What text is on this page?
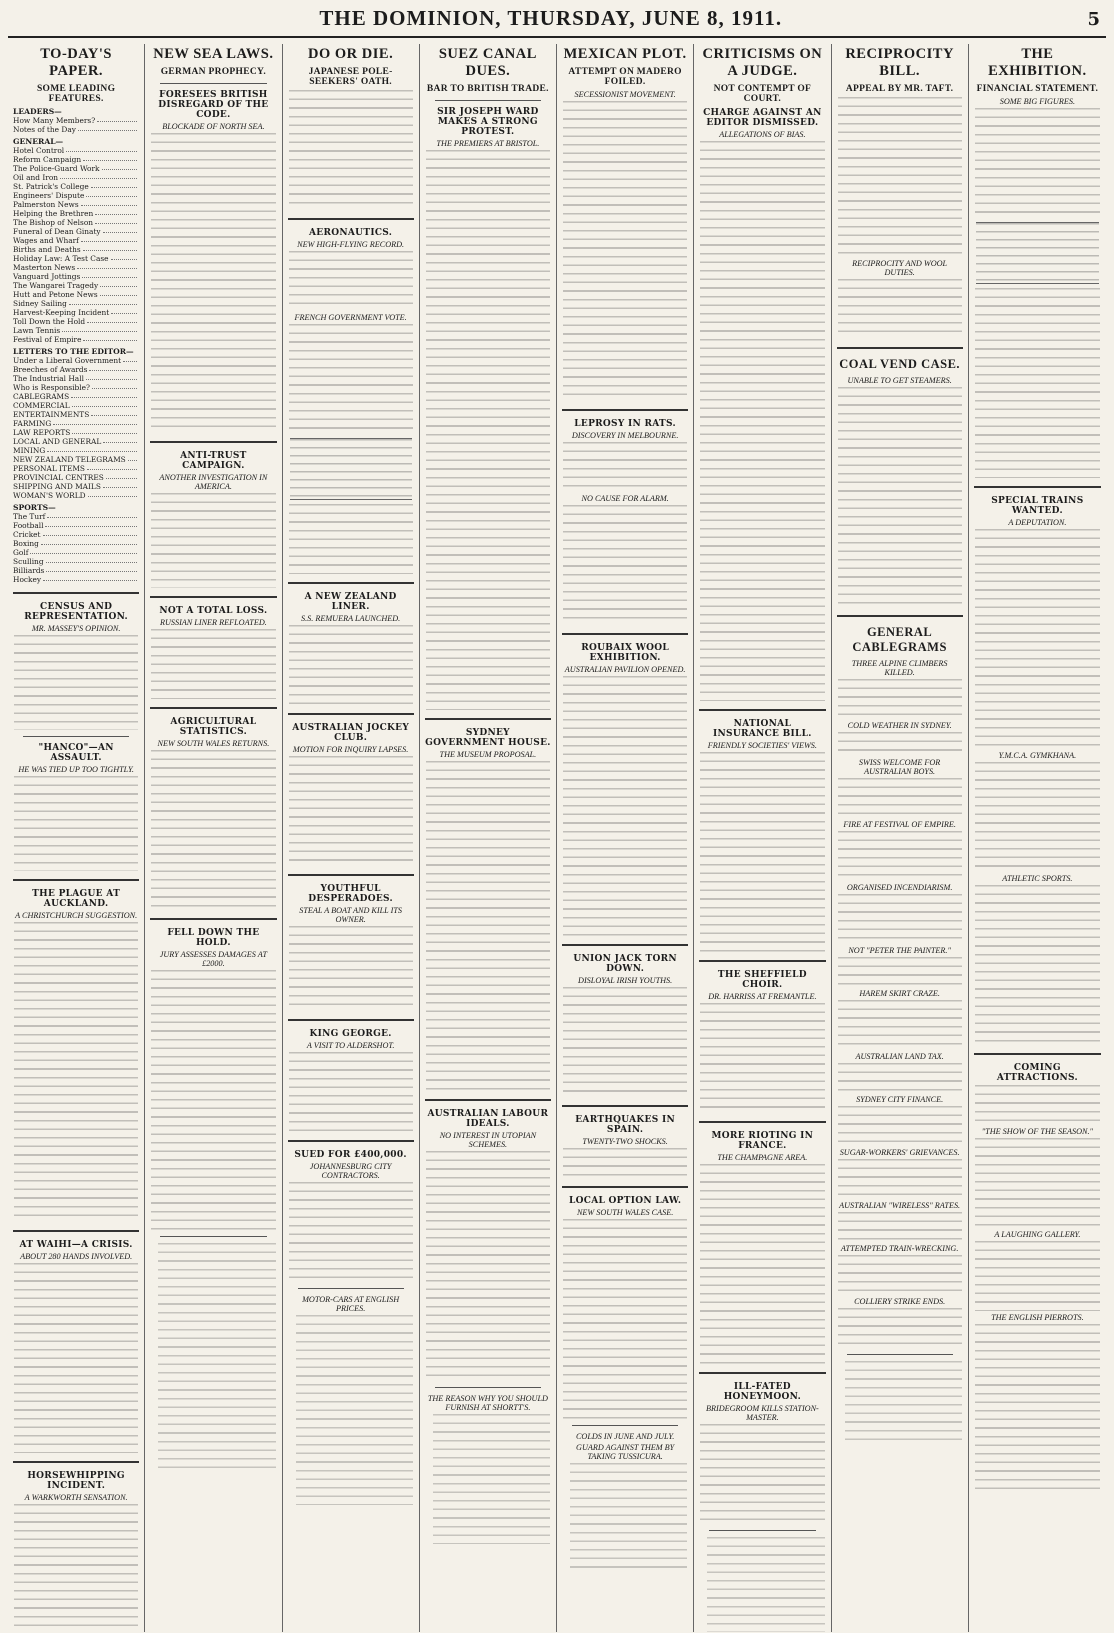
THE DOMINION, THURSDAY, JUNE 8, 1911.	5
TO-DAY'S PAPER.
SOME LEADING FEATURES.
LEADERS—
How Many Members?
Notes of the Day
GENERAL—
Hotel Control
Reform Campaign
The Police-Guard Work
Oil and Iron
St. Patrick's College
Engineers' Dispute
Palmerston News
Helping the Brethren
The Bishop of Nelson
Funeral of Dean Ginaty
Wages and Wharf
Births and Deaths
Holiday Law: A Test Case
Masterton News
Vanguard Jottings
The Wangarei Tragedy
Hutt and Petone News
Sidney Sailing
Harvest-Keeping Incident
Toll Down the Hold
Lawn Tennis
Festival of Empire
LETTERS TO THE EDITOR—
Under a Liberal Government
Breeches of Awards
The Industrial Hall
Who is Responsible?
CABLEGRAMS
COMMERCIAL
ENTERTAINMENTS
FARMING
LAW REPORTS
LOCAL AND GENERAL
MINING
NEW ZEALAND TELEGRAMS
PERSONAL ITEMS
PROVINCIAL CENTRES
SHIPPING AND MAILS
WOMAN'S WORLD
SPORTS—
The Turf
Football
Cricket
Boxing
Golf
Sculling
Billiards
Hockey
CENSUS AND REPRESENTATION.
MR. MASSEY'S OPINION.
"HANCO"—AN ASSAULT.
HE WAS TIED UP TOO TIGHTLY.
THE PLAGUE AT AUCKLAND.
A CHRISTCHURCH SUGGESTION.
AT WAIHI—A CRISIS.
ABOUT 280 HANDS INVOLVED.
HORSEWHIPPING INCIDENT.
A WARKWORTH SENSATION.
NEW SEA LAWS.
GERMAN PROPHECY.
FORESEES BRITISH DISREGARD OF THE CODE.
BLOCKADE OF NORTH SEA.
ANTI-TRUST CAMPAIGN.
ANOTHER INVESTIGATION IN AMERICA.
NOT A TOTAL LOSS.
RUSSIAN LINER REFLOATED.
AGRICULTURAL STATISTICS.
NEW SOUTH WALES RETURNS.
FELL DOWN THE HOLD.
JURY ASSESSES DAMAGES AT £2000.
DO OR DIE.
JAPANESE POLE-SEEKERS' OATH.
AERONAUTICS.
NEW HIGH-FLYING RECORD.
FRENCH GOVERNMENT VOTE.
A NEW ZEALAND LINER.
S.S. REMUERA LAUNCHED.
AUSTRALIAN JOCKEY CLUB.
MOTION FOR INQUIRY LAPSES.
YOUTHFUL DESPERADOES.
STEAL A BOAT AND KILL ITS OWNER.
KING GEORGE.
A VISIT TO ALDERSHOT.
SUED FOR £400,000.
JOHANNESBURG CITY CONTRACTORS.
MOTOR-CARS AT ENGLISH PRICES.
SUEZ CANAL DUES.
BAR TO BRITISH TRADE.
SIR JOSEPH WARD MAKES A STRONG PROTEST.
THE PREMIERS AT BRISTOL.
SYDNEY GOVERNMENT HOUSE.
THE MUSEUM PROPOSAL.
AUSTRALIAN LABOUR IDEALS.
NO INTEREST IN UTOPIAN SCHEMES.
THE REASON WHY YOU SHOULD FURNISH AT SHORTT'S.
MEXICAN PLOT.
ATTEMPT ON MADERO FOILED.
SECESSIONIST MOVEMENT.
LEPROSY IN RATS.
DISCOVERY IN MELBOURNE.
NO CAUSE FOR ALARM.
ROUBAIX WOOL EXHIBITION.
AUSTRALIAN PAVILION OPENED.
UNION JACK TORN DOWN.
DISLOYAL IRISH YOUTHS.
EARTHQUAKES IN SPAIN.
TWENTY-TWO SHOCKS.
LOCAL OPTION LAW.
NEW SOUTH WALES CASE.
COLDS IN JUNE AND JULY.
GUARD AGAINST THEM BY TAKING TUSSICURA.
CRITICISMS ON A JUDGE.
NOT CONTEMPT OF COURT.
CHARGE AGAINST AN EDITOR DISMISSED.
ALLEGATIONS OF BIAS.
NATIONAL INSURANCE BILL.
FRIENDLY SOCIETIES' VIEWS.
THE SHEFFIELD CHOIR.
DR. HARRISS AT FREMANTLE.
MORE RIOTING IN FRANCE.
THE CHAMPAGNE AREA.
ILL-FATED HONEYMOON.
BRIDEGROOM KILLS STATION-MASTER.
RECIPROCITY BILL.
APPEAL BY MR. TAFT.
RECIPROCITY AND WOOL DUTIES.
COAL VEND CASE.
UNABLE TO GET STEAMERS.
GENERAL CABLEGRAMS
THREE ALPINE CLIMBERS KILLED.
COLD WEATHER IN SYDNEY.
SWISS WELCOME FOR AUSTRALIAN BOYS.
FIRE AT FESTIVAL OF EMPIRE.
ORGANISED INCENDIARISM.
NOT "PETER THE PAINTER."
HAREM SKIRT CRAZE.
AUSTRALIAN LAND TAX.
SYDNEY CITY FINANCE.
SUGAR-WORKERS' GRIEVANCES.
AUSTRALIAN "WIRELESS" RATES.
ATTEMPTED TRAIN-WRECKING.
COLLIERY STRIKE ENDS.
THE EXHIBITION.
FINANCIAL STATEMENT.
SOME BIG FIGURES.
SPECIAL TRAINS WANTED.
A DEPUTATION.
Y.M.C.A. GYMKHANA.
ATHLETIC SPORTS.
COMING ATTRACTIONS.
"THE SHOW OF THE SEASON."
A LAUGHING GALLERY.
THE ENGLISH PIERROTS.
